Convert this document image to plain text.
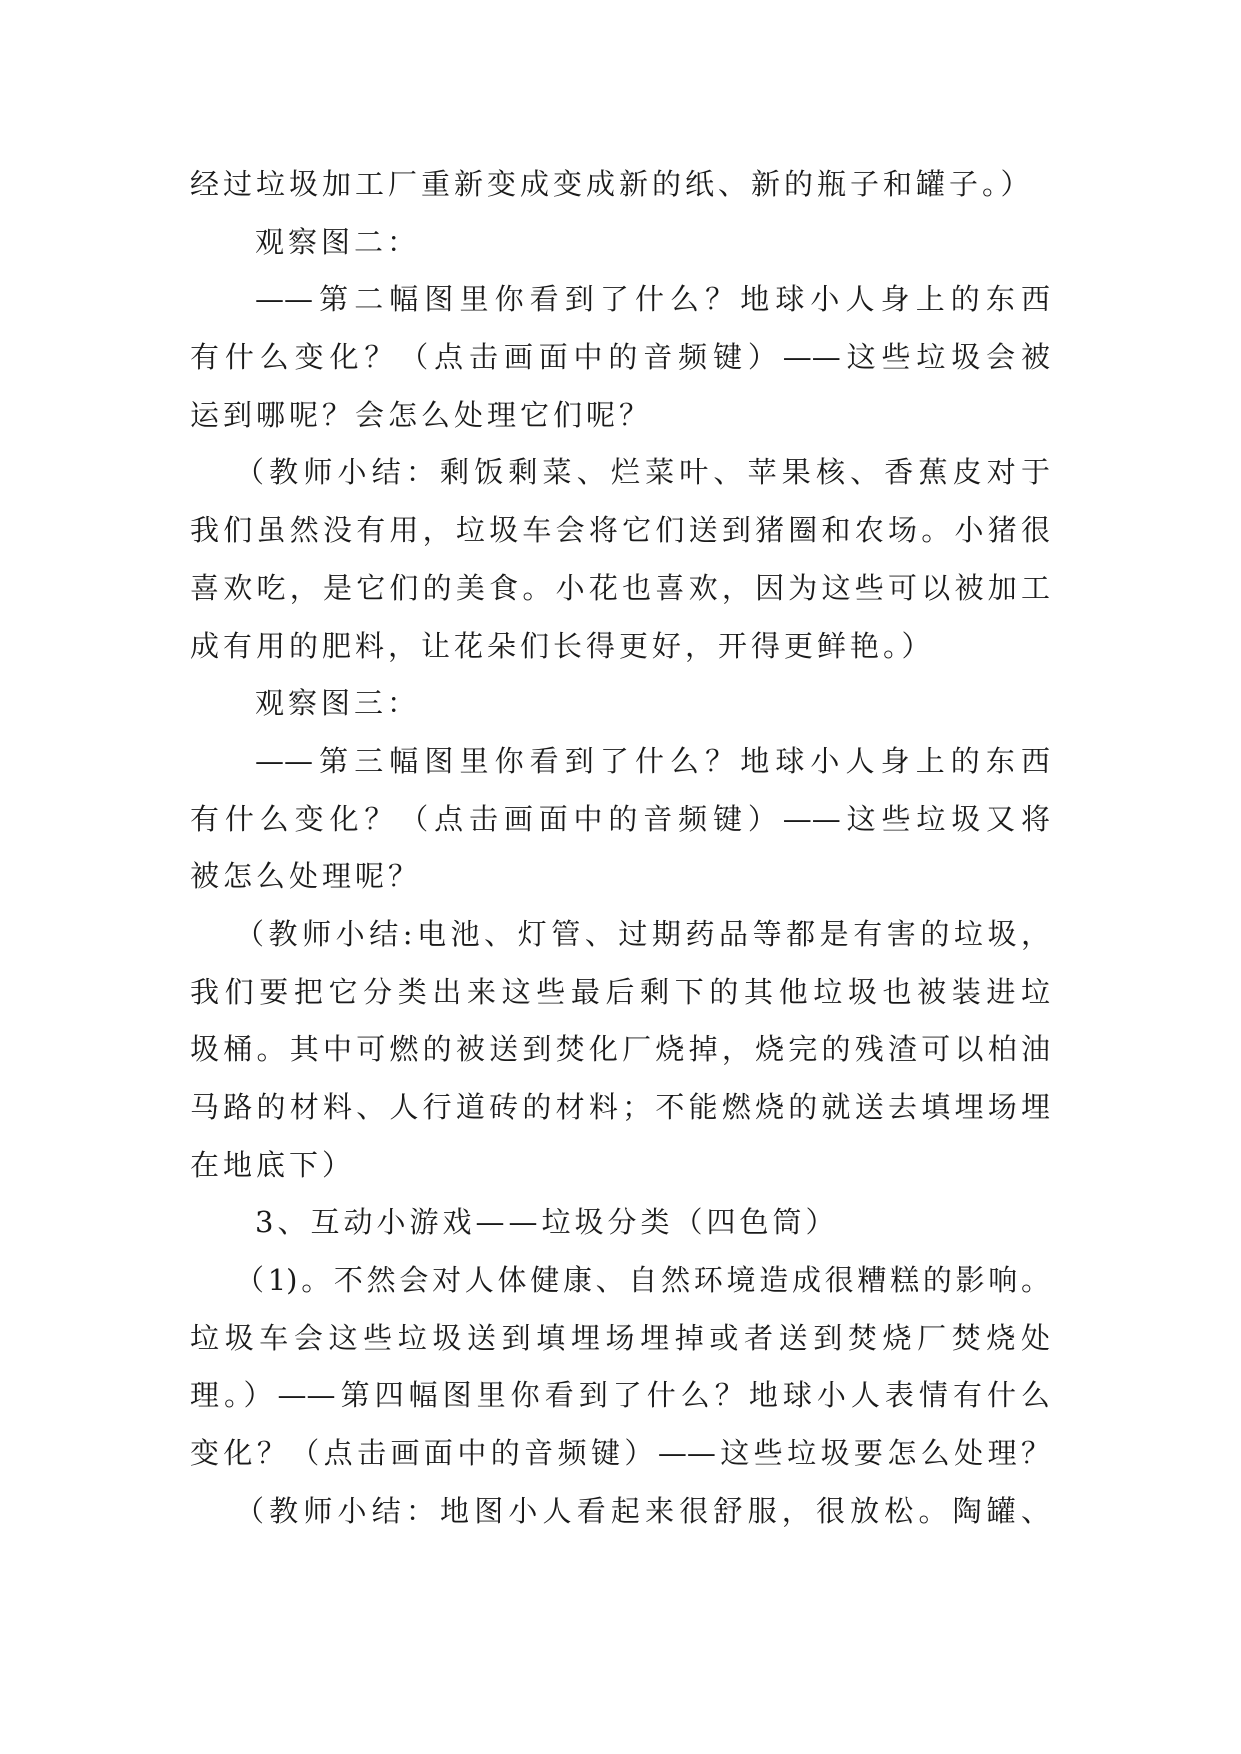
经过垃圾加工厂重新变成变成新的纸、新的瓶子和罐子。）
观察图二：
——第二幅图里你看到了什么？地球小人身上的东西
有什么变化？（点击画面中的音频键）——这些垃圾会被
运到哪呢？会怎么处理它们呢？
（教师小结：剩饭剩菜、烂菜叶、苹果核、香蕉皮对于
我们虽然没有用，垃圾车会将它们送到猪圈和农场。小猪很
喜欢吃，是它们的美食。小花也喜欢，因为这些可以被加工
成有用的肥料，让花朵们长得更好，开得更鲜艳。）
观察图三：
——第三幅图里你看到了什么？地球小人身上的东西
有什么变化？（点击画面中的音频键）——这些垃圾又将
被怎么处理呢？
（教师小结:电池、灯管、过期药品等都是有害的垃圾，
我们要把它分类出来这些最后剩下的其他垃圾也被装进垃
圾桶。其中可燃的被送到焚化厂烧掉，烧完的残渣可以柏油
马路的材料、人行道砖的材料；不能燃烧的就送去填埋场埋
在地底下）
3、互动小游戏——垃圾分类（四色筒）
（1)。不然会对人体健康、自然环境造成很糟糕的影响。
垃圾车会这些垃圾送到填埋场埋掉或者送到焚烧厂焚烧处
理。）——第四幅图里你看到了什么？地球小人表情有什么
变化？（点击画面中的音频键）——这些垃圾要怎么处理？
（教师小结：地图小人看起来很舒服，很放松。陶罐、
